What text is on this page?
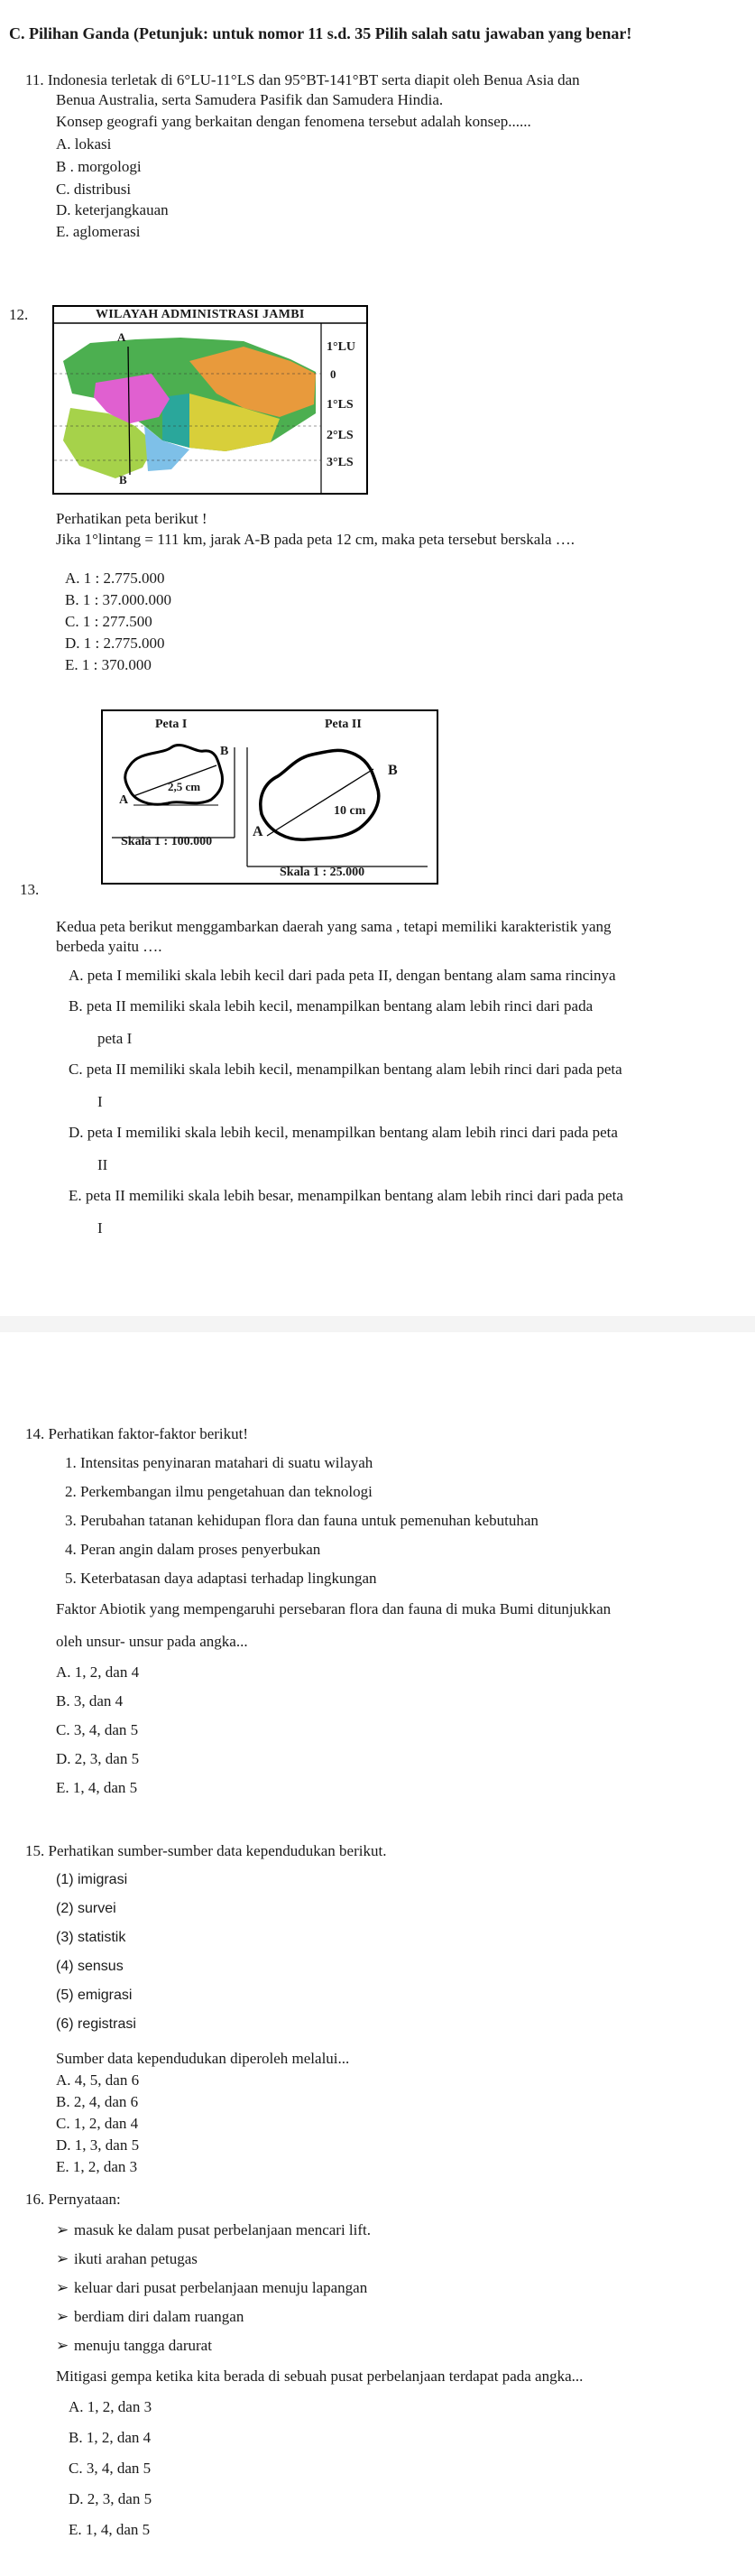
C. Pilihan Ganda (Petunjuk: untuk nomor 11 s.d. 35 Pilih salah satu jawaban yang benar!
11. Indonesia terletak di 6°LU-11°LS dan 95°BT-141°BT serta diapit oleh Benua Asia dan
Benua Australia, serta Samudera Pasifik dan Samudera Hindia.
Konsep geografi yang berkaitan dengan fenomena tersebut adalah konsep......
A. lokasi
B . morgologi
C. distribusi
D. keterjangkauan
E. aglomerasi
12.	WILAYAH ADMINISTRASI JAMBI
A
B
1°LU
0
1°LS
2°LS
3°LS
Perhatikan peta berikut !
Jika 1°lintang = 111 km, jarak A-B pada peta 12 cm, maka peta tersebut berskala ….
A. 1 : 2.775.000
B. 1 : 37.000.000
C. 1 : 277.500
D. 1 : 2.775.000
E. 1 : 370.000
Peta I	Peta II
B
A
2,5 cm
Skala 1 : 100.000
B
A
10 cm
Skala 1 : 25.000
13.
Kedua peta berikut menggambarkan daerah yang sama , tetapi memiliki karakteristik yang
berbeda yaitu ….
A. peta I memiliki skala lebih kecil dari pada peta II, dengan bentang alam sama rincinya
B. peta II memiliki skala lebih kecil, menampilkan bentang alam lebih rinci dari pada
peta I
C. peta II memiliki skala lebih kecil, menampilkan bentang alam lebih rinci dari pada peta
I
D. peta I memiliki skala lebih kecil, menampilkan bentang alam lebih rinci dari pada peta
II
E. peta II memiliki skala lebih besar, menampilkan bentang alam lebih rinci dari pada peta
I
14. Perhatikan faktor-faktor berikut!
1. Intensitas penyinaran matahari di suatu wilayah
2. Perkembangan ilmu pengetahuan dan teknologi
3. Perubahan tatanan kehidupan flora dan fauna untuk pemenuhan kebutuhan
4. Peran angin dalam proses penyerbukan
5. Keterbatasan daya adaptasi terhadap lingkungan
Faktor Abiotik yang mempengaruhi persebaran flora dan fauna di muka Bumi ditunjukkan
oleh unsur- unsur pada angka...
A. 1, 2, dan 4
B. 3, dan 4
C. 3, 4, dan 5
D. 2, 3, dan 5
E. 1, 4, dan 5
15. Perhatikan sumber-sumber data kependudukan berikut.
(1) imigrasi
(2) survei
(3) statistik
(4) sensus
(5) emigrasi
(6) registrasi
Sumber data kependudukan diperoleh melalui...
A. 4, 5, dan 6
B. 2, 4, dan 6
C. 1, 2, dan 4
D. 1, 3, dan 5
E. 1, 2, dan 3
16. Pernyataan:
➢ masuk ke dalam pusat perbelanjaan mencari lift.
➢ ikuti arahan petugas
➢ keluar dari pusat perbelanjaan menuju lapangan
➢ berdiam diri dalam ruangan
➢ menuju tangga darurat
Mitigasi gempa ketika kita berada di sebuah pusat perbelanjaan terdapat pada angka...
A. 1, 2, dan 3
B. 1, 2, dan 4
C. 3, 4, dan 5
D. 2, 3, dan 5
E. 1, 4, dan 5
